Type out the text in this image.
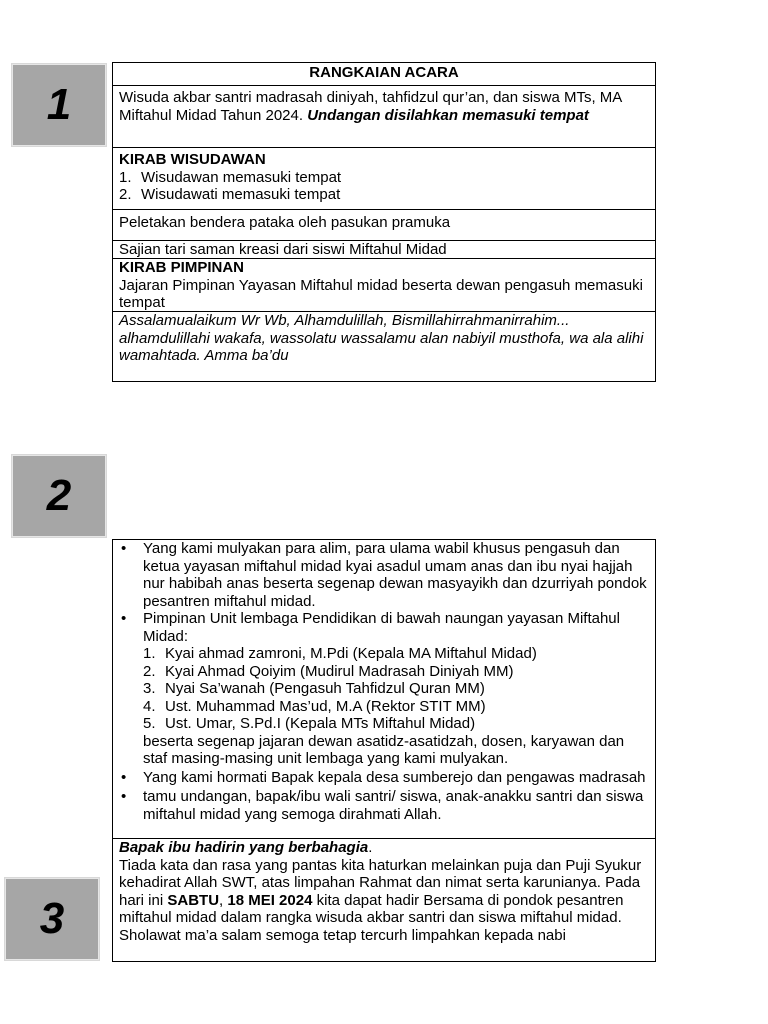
1
2
3
RANGKAIAN ACARA
Wisuda akbar santri madrasah diniyah, tahfidzul qur’an, dan siswa MTs, MA Miftahul Midad Tahun 2024. Undangan disilahkan memasuki tempat
KIRAB WISUDAWAN
1. Wisudawan memasuki tempat
2. Wisudawati memasuki tempat
Peletakan bendera pataka oleh pasukan pramuka
Sajian tari saman kreasi dari siswi Miftahul Midad
KIRAB PIMPINAN
Jajaran Pimpinan Yayasan Miftahul midad beserta dewan pengasuh memasuki tempat
Assalamualaikum Wr Wb, Alhamdulillah, Bismillahirrahmanirrahim... alhamdulillahi wakafa, wassolatu wassalamu alan nabiyil musthofa, wa ala alihi wamahtada. Amma ba’du
• Yang kami mulyakan para alim, para ulama wabil khusus pengasuh dan ketua yayasan miftahul midad kyai asadul umam anas dan ibu nyai hajjah nur habibah anas beserta segenap dewan masyayikh dan dzurriyah pondok pesantren miftahul midad.
• Pimpinan Unit lembaga Pendidikan di bawah naungan yayasan Miftahul Midad:
1. Kyai ahmad zamroni, M.Pdi (Kepala MA Miftahul Midad)
2. Kyai Ahmad Qoiyim (Mudirul Madrasah Diniyah MM)
3. Nyai Sa’wanah (Pengasuh Tahfidzul Quran MM)
4. Ust. Muhammad Mas’ud, M.A (Rektor STIT MM)
5. Ust. Umar, S.Pd.I (Kepala MTs Miftahul Midad)
beserta segenap jajaran dewan asatidz-asatidzah, dosen, karyawan dan staf masing-masing unit lembaga yang kami mulyakan.
• Yang kami hormati Bapak kepala desa sumberejo dan pengawas madrasah
• tamu undangan, bapak/ibu wali santri/ siswa, anak-anakku santri dan siswa miftahul midad yang semoga dirahmati Allah.
Bapak ibu hadirin yang berbahagia.
Tiada kata dan rasa yang pantas kita haturkan melainkan puja dan Puji Syukur kehadirat Allah SWT, atas limpahan Rahmat dan nimat serta karunianya. Pada hari ini SABTU, 18 MEI 2024 kita dapat hadir Bersama di pondok pesantren miftahul midad dalam rangka wisuda akbar santri dan siswa miftahul midad.
Sholawat ma’a salam semoga tetap tercurh limpahkan kepada nabi
